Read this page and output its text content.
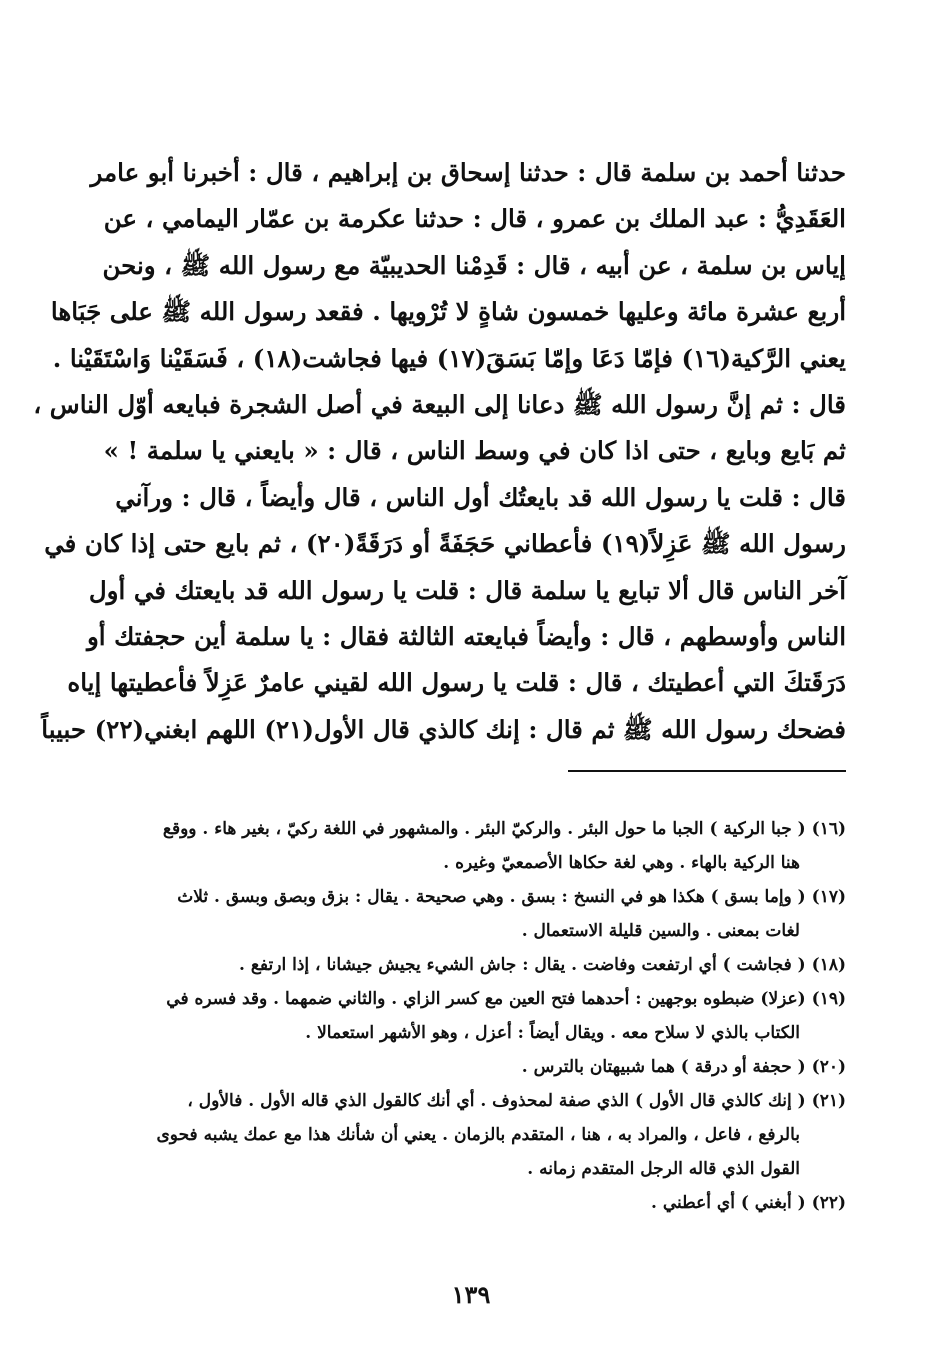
حدثنا أحمد بن سلمة قال : حدثنا إسحاق بن إبراهيم ، قال : أخبرنا أبو عامر
العَقَدِيُّ : عبد الملك بن عمرو ، قال : حدثنا عكرمة بن عمّار اليمامي ، عن
إياس بن سلمة ، عن أبيه ، قال : قَدِمْنا الحديبيّة مع رسول الله ﷺ ، ونحن
أربع عشرة مائة وعليها خمسون شاةٍ لا تُرْويها . فقعد رسول الله ﷺ على جَبَاها
يعني الرَّكية(١٦) فإمّا دَعَا وإمّا بَسَقَ(١٧) فيها فجاشت(١٨) ، فَسَقَيْنا وَاسْتَقَيْنا .
قال : ثم إنَّ رسول الله ﷺ دعانا إلى البيعة في أصل الشجرة فبايعه أوّل الناس ،
ثم بَايع وبايع ، حتى اذا كان في وسط الناس ، قال : « بايعني يا سلمة ! »
قال : قلت يا رسول الله قد بايعتُك أول الناس ، قال وأيضاً ، قال : ورآني
رسول الله ﷺ عَزِلاً(١٩) فأعطاني حَجَفَةً أو دَرَقَةً(٢٠) ، ثم بايع حتى إذا كان في
آخر الناس قال ألا تبايع يا سلمة قال : قلت يا رسول الله قد بايعتك في أول
الناس وأوسطهم ، قال : وأيضاً فبايعته الثالثة فقال : يا سلمة أين حجفتك أو
دَرَقَتكَ التي أعطيتك ، قال : قلت يا رسول الله لقيني عامرٌ عَزِلاً فأعطيتها إياه
فضحك رسول الله ﷺ ثم قال : إنك كالذي قال الأول(٢١) اللهم ابغني(٢٢) حبيباً
(١٦) ( جبا الركية ) الجبا ما حول البئر . والركيّ البئر . والمشهور في اللغة ركيّ ، بغير هاء . ووقع
هنا الركية بالهاء . وهي لغة حكاها الأصمعيّ وغيره .
(١٧) ( وإما بسق ) هكذا هو في النسخ : بسق . وهي صحيحة . يقال : بزق وبصق وبسق . ثلاث
لغات بمعنى . والسين قليلة الاستعمال .
(١٨) ( فجاشت ) أي ارتفعت وفاضت . يقال : جاش الشيء يجيش جيشانا ، إذا ارتفع .
(١٩) (عزلا) ضبطوه بوجهين : أحدهما فتح العين مع كسر الزاي . والثاني ضمهما . وقد فسره في
الكتاب بالذي لا سلاح معه . ويقال أيضاً : أعزل ، وهو الأشهر استعمالا .
(٢٠) ( حجفة أو درقة ) هما شبيهتان بالترس .
(٢١) ( إنك كالذي قال الأول ) الذي صفة لمحذوف . أي أنك كالقول الذي قاله الأول . فالأول ،
بالرفع ، فاعل ، والمراد به ، هنا ، المتقدم بالزمان . يعني أن شأنك هذا مع عمك يشبه فحوى
القول الذي قاله الرجل المتقدم زمانه .
(٢٢) ( أبغني ) أي أعطني .
١٣٩
